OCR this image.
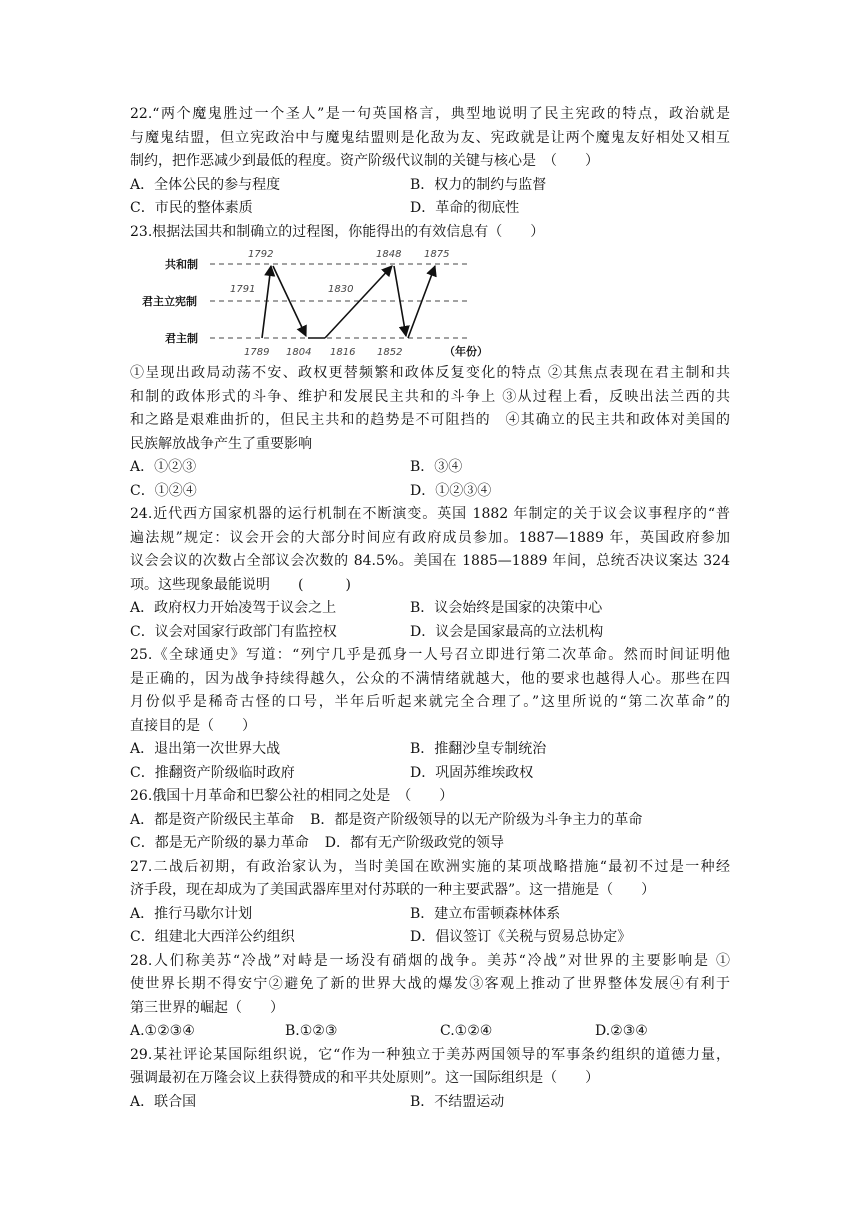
22.“两个魔鬼胜过一个圣人”是一句英国格言，典型地说明了民主宪政的特点，政治就是
与魔鬼结盟，但立宪政治中与魔鬼结盟则是化敌为友、宪政就是让两个魔鬼友好相处又相互
制约，把作恶减少到最低的程度。资产阶级代议制的关键与核心是　（　　）
A．全体公民的参与程度	B．权力的制约与监督
C．市民的整体素质	D．革命的彻底性
23.根据法国共和制确立的过程图，你能得出的有效信息有（　　）
共和制
君主立宪制
君主制
1789
1791
1792
1804 1816
1830
1848
1852
1875
（年份）
①呈现出政局动荡不安、政权更替频繁和政体反复变化的特点 ②其焦点表现在君主制和共
和制的政体形式的斗争、维护和发展民主共和的斗争上 ③从过程上看，反映出法兰西的共
和之路是艰难曲折的，但民主共和的趋势是不可阻挡的　④其确立的民主共和政体对美国的
民族解放战争产生了重要影响
A．①②③	B．③④
C．①②④	D．①②③④
24.近代西方国家机器的运行机制在不断演变。英国 1882 年制定的关于议会议事程序的“普
遍法规”规定：议会开会的大部分时间应有政府成员参加。1887—1889 年，英国政府参加
议会会议的次数占全部议会次数的 84.5%。美国在 1885—1889 年间，总统否决议案达 324
项。这些现象最能说明　　(　　　)
A．政府权力开始凌驾于议会之上	B．议会始终是国家的决策中心
C．议会对国家行政部门有监控权	D．议会是国家最高的立法机构
25.《全球通史》写道：“列宁几乎是孤身一人号召立即进行第二次革命。然而时间证明他
是正确的，因为战争持续得越久，公众的不满情绪就越大，他的要求也越得人心。那些在四
月份似乎是稀奇古怪的口号，半年后听起来就完全合理了。”这里所说的“第二次革命”的
直接目的是（　　）
A．退出第一次世界大战	B．推翻沙皇专制统治
C．推翻资产阶级临时政府	D．巩固苏维埃政权
26.俄国十月革命和巴黎公社的相同之处是　（　　）
A．都是资产阶级民主革命 B．都是资产阶级领导的以无产阶级为斗争主力的革命
C．都是无产阶级的暴力革命 D．都有无产阶级政党的领导
27.二战后初期，有政治家认为，当时美国在欧洲实施的某项战略措施“最初不过是一种经
济手段，现在却成为了美国武器库里对付苏联的一种主要武器”。这一措施是（　　）
A．推行马歇尔计划	B．建立布雷顿森林体系
C．组建北大西洋公约组织	D．倡议签订《关税与贸易总协定》
28.人们称美苏“冷战”对峙是一场没有硝烟的战争。美苏“冷战”对世界的主要影响是 ①
使世界长期不得安宁②避免了新的世界大战的爆发③客观上推动了世界整体发展④有利于
第三世界的崛起（　　）
A.①②③④	B.①②③	C.①②④	D.②③④
29.某社评论某国际组织说，它“作为一种独立于美苏两国领导的军事条约组织的道德力量，
强调最初在万隆会议上获得赞成的和平共处原则”。这一国际组织是（　　）
A．联合国	B．不结盟运动
